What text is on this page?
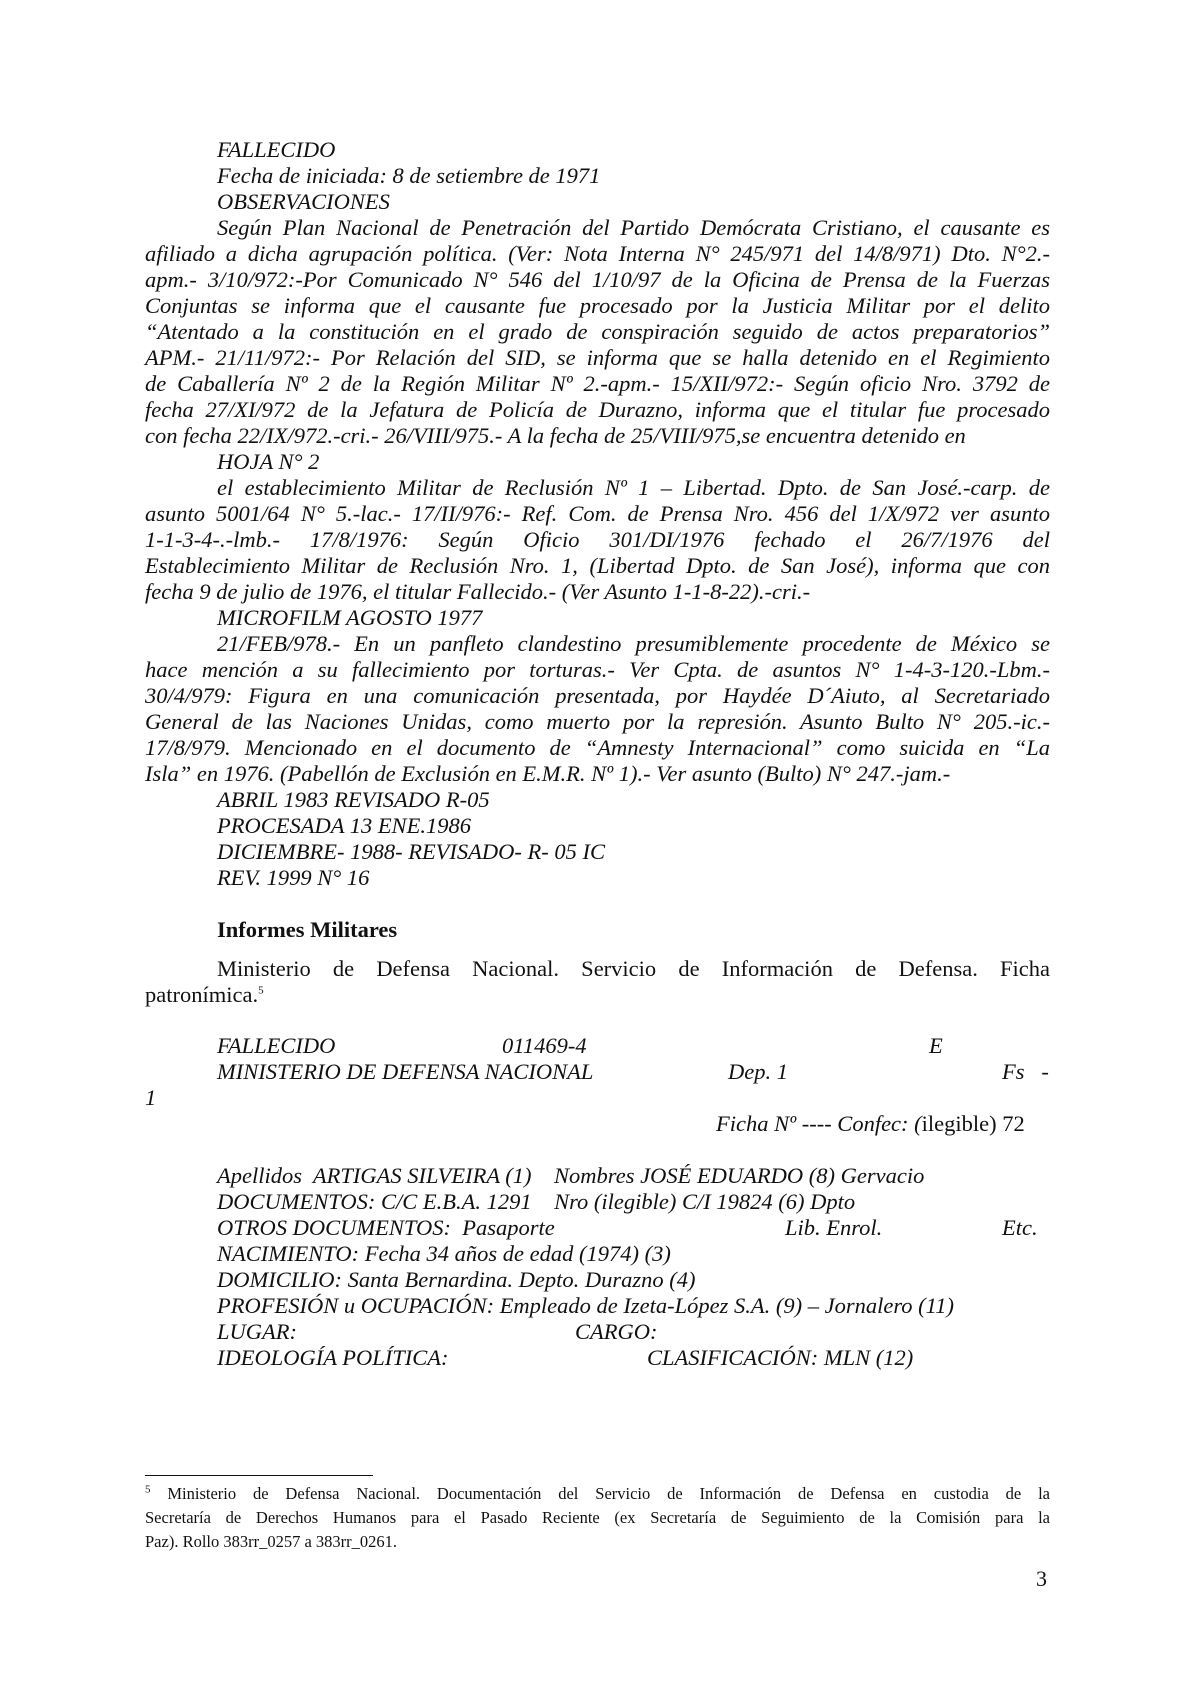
FALLECIDO
Fecha de iniciada: 8 de setiembre de 1971
OBSERVACIONES
Según Plan Nacional de Penetración del Partido Demócrata Cristiano, el causante es
afiliado a dicha agrupación política. (Ver: Nota Interna N° 245/971 del 14/8/971) Dto. N°2.-
apm.- 3/10/972:-Por Comunicado N° 546 del 1/10/97 de la Oficina de Prensa de la Fuerzas
Conjuntas se informa que el causante fue procesado por la Justicia Militar por el delito
“Atentado a la constitución en el grado de conspiración seguido de actos preparatorios”
APM.- 21/11/972:- Por Relación del SID, se informa que se halla detenido en el Regimiento
de Caballería Nº 2 de la Región Militar Nº 2.-apm.- 15/XII/972:- Según oficio Nro. 3792 de
fecha 27/XI/972 de la Jefatura de Policía de Durazno, informa que el titular fue procesado
con fecha 22/IX/972.-cri.- 26/VIII/975.- A la fecha de 25/VIII/975,se encuentra detenido en
HOJA N° 2
el establecimiento Militar de Reclusión Nº 1 – Libertad. Dpto. de San José.-carp. de
asunto 5001/64 N° 5.-lac.- 17/II/976:- Ref. Com. de Prensa Nro. 456 del 1/X/972 ver asunto
1-1-3-4-.-lmb.- 17/8/1976: Según Oficio 301/DI/1976 fechado el 26/7/1976 del
Establecimiento Militar de Reclusión Nro. 1, (Libertad Dpto. de San José), informa que con
fecha 9 de julio de 1976, el titular Fallecido.- (Ver Asunto 1-1-8-22).-cri.-
MICROFILM AGOSTO 1977
21/FEB/978.- En un panfleto clandestino presumiblemente procedente de México se
hace mención a su fallecimiento por torturas.- Ver Cpta. de asuntos N° 1-4-3-120.-Lbm.-
30/4/979: Figura en una comunicación presentada, por Haydée D´Aiuto, al Secretariado
General de las Naciones Unidas, como muerto por la represión. Asunto Bulto N° 205.-ic.-
17/8/979. Mencionado en el documento de “Amnesty Internacional” como suicida en “La
Isla” en 1976. (Pabellón de Exclusión en E.M.R. Nº 1).- Ver asunto (Bulto) N° 247.-jam.-
ABRIL 1983 REVISADO R-05
PROCESADA 13 ENE.1986
DICIEMBRE- 1988- REVISADO- R- 05 IC
REV. 1999 N° 16
Informes Militares
Ministerio de Defensa Nacional. Servicio de Información de Defensa. Ficha
patronímica.$^5$
FALLECIDO	011469-4	E
MINISTERIO DE DEFENSA NACIONAL	Dep. 1	Fs   -
1
Ficha Nº ---- Confec: (ilegible) 72
Apellidos  ARTIGAS SILVEIRA (1)    Nombres JOSÉ EDUARDO (8) Gervacio
DOCUMENTOS: C/C E.B.A. 1291    Nro (ilegible) C/I 19824 (6) Dpto
OTROS DOCUMENTOS:  Pasaporte	Lib. Enrol.	Etc.
NACIMIENTO: Fecha 34 años de edad (1974) (3)
DOMICILIO: Santa Bernardina. Depto. Durazno (4)
PROFESIÓN u OCUPACIÓN: Empleado de Izeta-López S.A. (9) – Jornalero (11)
LUGAR:	CARGO:
IDEOLOGÍA POLÍTICA:	CLASIFICACIÓN: MLN (12)
$^5$ Ministerio de Defensa Nacional. Documentación del Servicio de Información de Defensa en custodia de la
Secretaría de Derechos Humanos para el Pasado Reciente (ex Secretaría de Seguimiento de la Comisión para la
Paz). Rollo 383rr_0257 a 383rr_0261.
3
